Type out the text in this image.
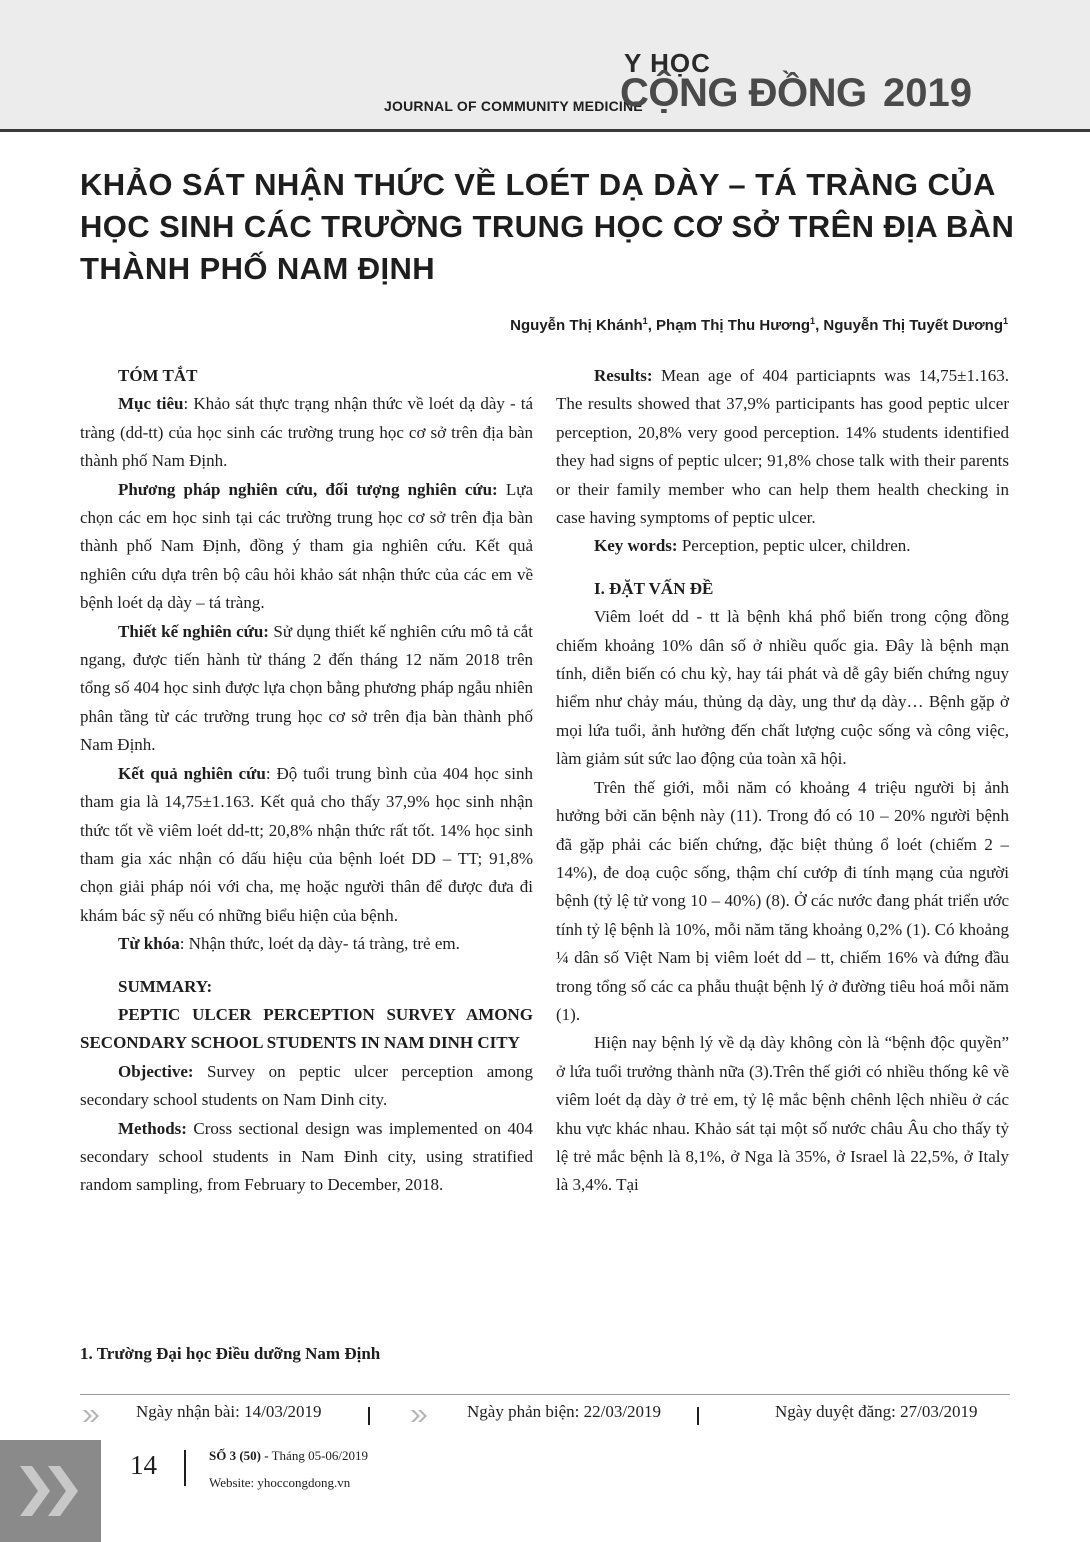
JOURNAL OF COMMUNITY MEDICINE
Y HỌC
CỘNG ĐỒNG 2019
KHẢO SÁT NHẬN THỨC VỀ LOÉT DẠ DÀY – TÁ TRÀNG CỦA
HỌC SINH CÁC TRƯỜNG TRUNG HỌC CƠ SỞ TRÊN ĐỊA BÀN
THÀNH PHỐ NAM ĐỊNH
Nguyễn Thị Khánh$^1$, Phạm Thị Thu Hương$^1$, Nguyễn Thị Tuyết Dương$^1$

TÓM TẮT

Mục tiêu: Khảo sát thực trạng nhận thức về loét dạ dày - tá tràng (dd-tt) của học sinh các trường trung học cơ sở trên địa bàn thành phố Nam Định.

Phương pháp nghiên cứu, đối tượng nghiên cứu: Lựa chọn các em học sinh tại các trường trung học cơ sở trên địa bàn thành phố Nam Định, đồng ý tham gia nghiên cứu. Kết quả nghiên cứu dựa trên bộ câu hỏi khảo sát nhận thức của các em về bệnh loét dạ dày – tá tràng.

Thiết kế nghiên cứu: Sử dụng thiết kế nghiên cứu mô tả cắt ngang, được tiến hành từ tháng 2 đến tháng 12 năm 2018 trên tổng số 404 học sinh được lựa chọn bằng phương pháp ngẫu nhiên phân tầng từ các trường trung học cơ sở trên địa bàn thành phố Nam Định.

Kết quả nghiên cứu: Độ tuổi trung bình của 404 học sinh tham gia là 14,75±1.163. Kết quả cho thấy 37,9% học sinh nhận thức tốt về viêm loét dd-tt; 20,8% nhận thức rất tốt. 14% học sinh tham gia xác nhận có dấu hiệu của bệnh loét DD – TT; 91,8% chọn giải pháp nói với cha, mẹ hoặc người thân để được đưa đi khám bác sỹ nếu có những biểu hiện của bệnh.

Từ khóa: Nhận thức, loét dạ dày- tá tràng, trẻ em.

SUMMARY:

PEPTIC ULCER PERCEPTION SURVEY AMONG SECONDARY SCHOOL STUDENTS IN NAM DINH CITY

Objective: Survey on peptic ulcer perception among secondary school students on Nam Dinh city.

Methods: Cross sectional design was implemented on 404 secondary school students in Nam Đinh city, using stratified random sampling, from February to December, 2018.

Results: Mean age of 404 particiapnts was 14,75±1.163. The results showed that 37,9% participants has good peptic ulcer perception, 20,8% very good perception. 14% students identified they had signs of peptic ulcer; 91,8% chose talk with their parents or their family member who can help them health checking in case having symptoms of peptic ulcer.

Key words: Perception, peptic ulcer, children.

I. ĐẶT VẤN ĐỀ

Viêm loét dd - tt là bệnh khá phổ biến trong cộng đồng chiếm khoảng 10% dân số ở nhiều quốc gia. Đây là bệnh mạn tính, diễn biến có chu kỳ, hay tái phát và dễ gây biến chứng nguy hiểm như chảy máu, thủng dạ dày, ung thư dạ dày… Bệnh gặp ở mọi lứa tuổi, ảnh hưởng đến chất lượng cuộc sống và công việc, làm giảm sút sức lao động của toàn xã hội.

Trên thế giới, mỗi năm có khoảng 4 triệu người bị ảnh hưởng bởi căn bệnh này (11). Trong đó có 10 – 20% người bệnh đã gặp phải các biến chứng, đặc biệt thủng ổ loét (chiếm 2 – 14%), đe doạ cuộc sống, thậm chí cướp đi tính mạng của người bệnh (tỷ lệ tử vong 10 – 40%) (8). Ở các nước đang phát triển ước tính tỷ lệ bệnh là 10%, mỗi năm tăng khoảng 0,2% (1). Có khoảng ¼ dân số Việt Nam bị viêm loét dd – tt, chiếm 16% và đứng đầu trong tổng số các ca phẫu thuật bệnh lý ở đường tiêu hoá mỗi năm (1).

Hiện nay bệnh lý về dạ dày không còn là “bệnh độc quyền” ở lứa tuổi trưởng thành nữa (3).Trên thế giới có nhiều thống kê về viêm loét dạ dày ở trẻ em, tỷ lệ mắc bệnh chênh lệch nhiều ở các khu vực khác nhau. Khảo sát tại một số nước châu Âu cho thấy tỷ lệ trẻ mắc bệnh là 8,1%, ở Nga là 35%, ở Israel là 22,5%, ở Italy là 3,4%. Tại

1. Trường Đại học Điều dưỡng Nam Định
Ngày nhận bài: 14/03/2019	Ngày phản biện: 22/03/2019	Ngày duyệt đăng: 27/03/2019
14	SỐ 3 (50) - Tháng 05-06/2019
Website: yhoccongdong.vn
